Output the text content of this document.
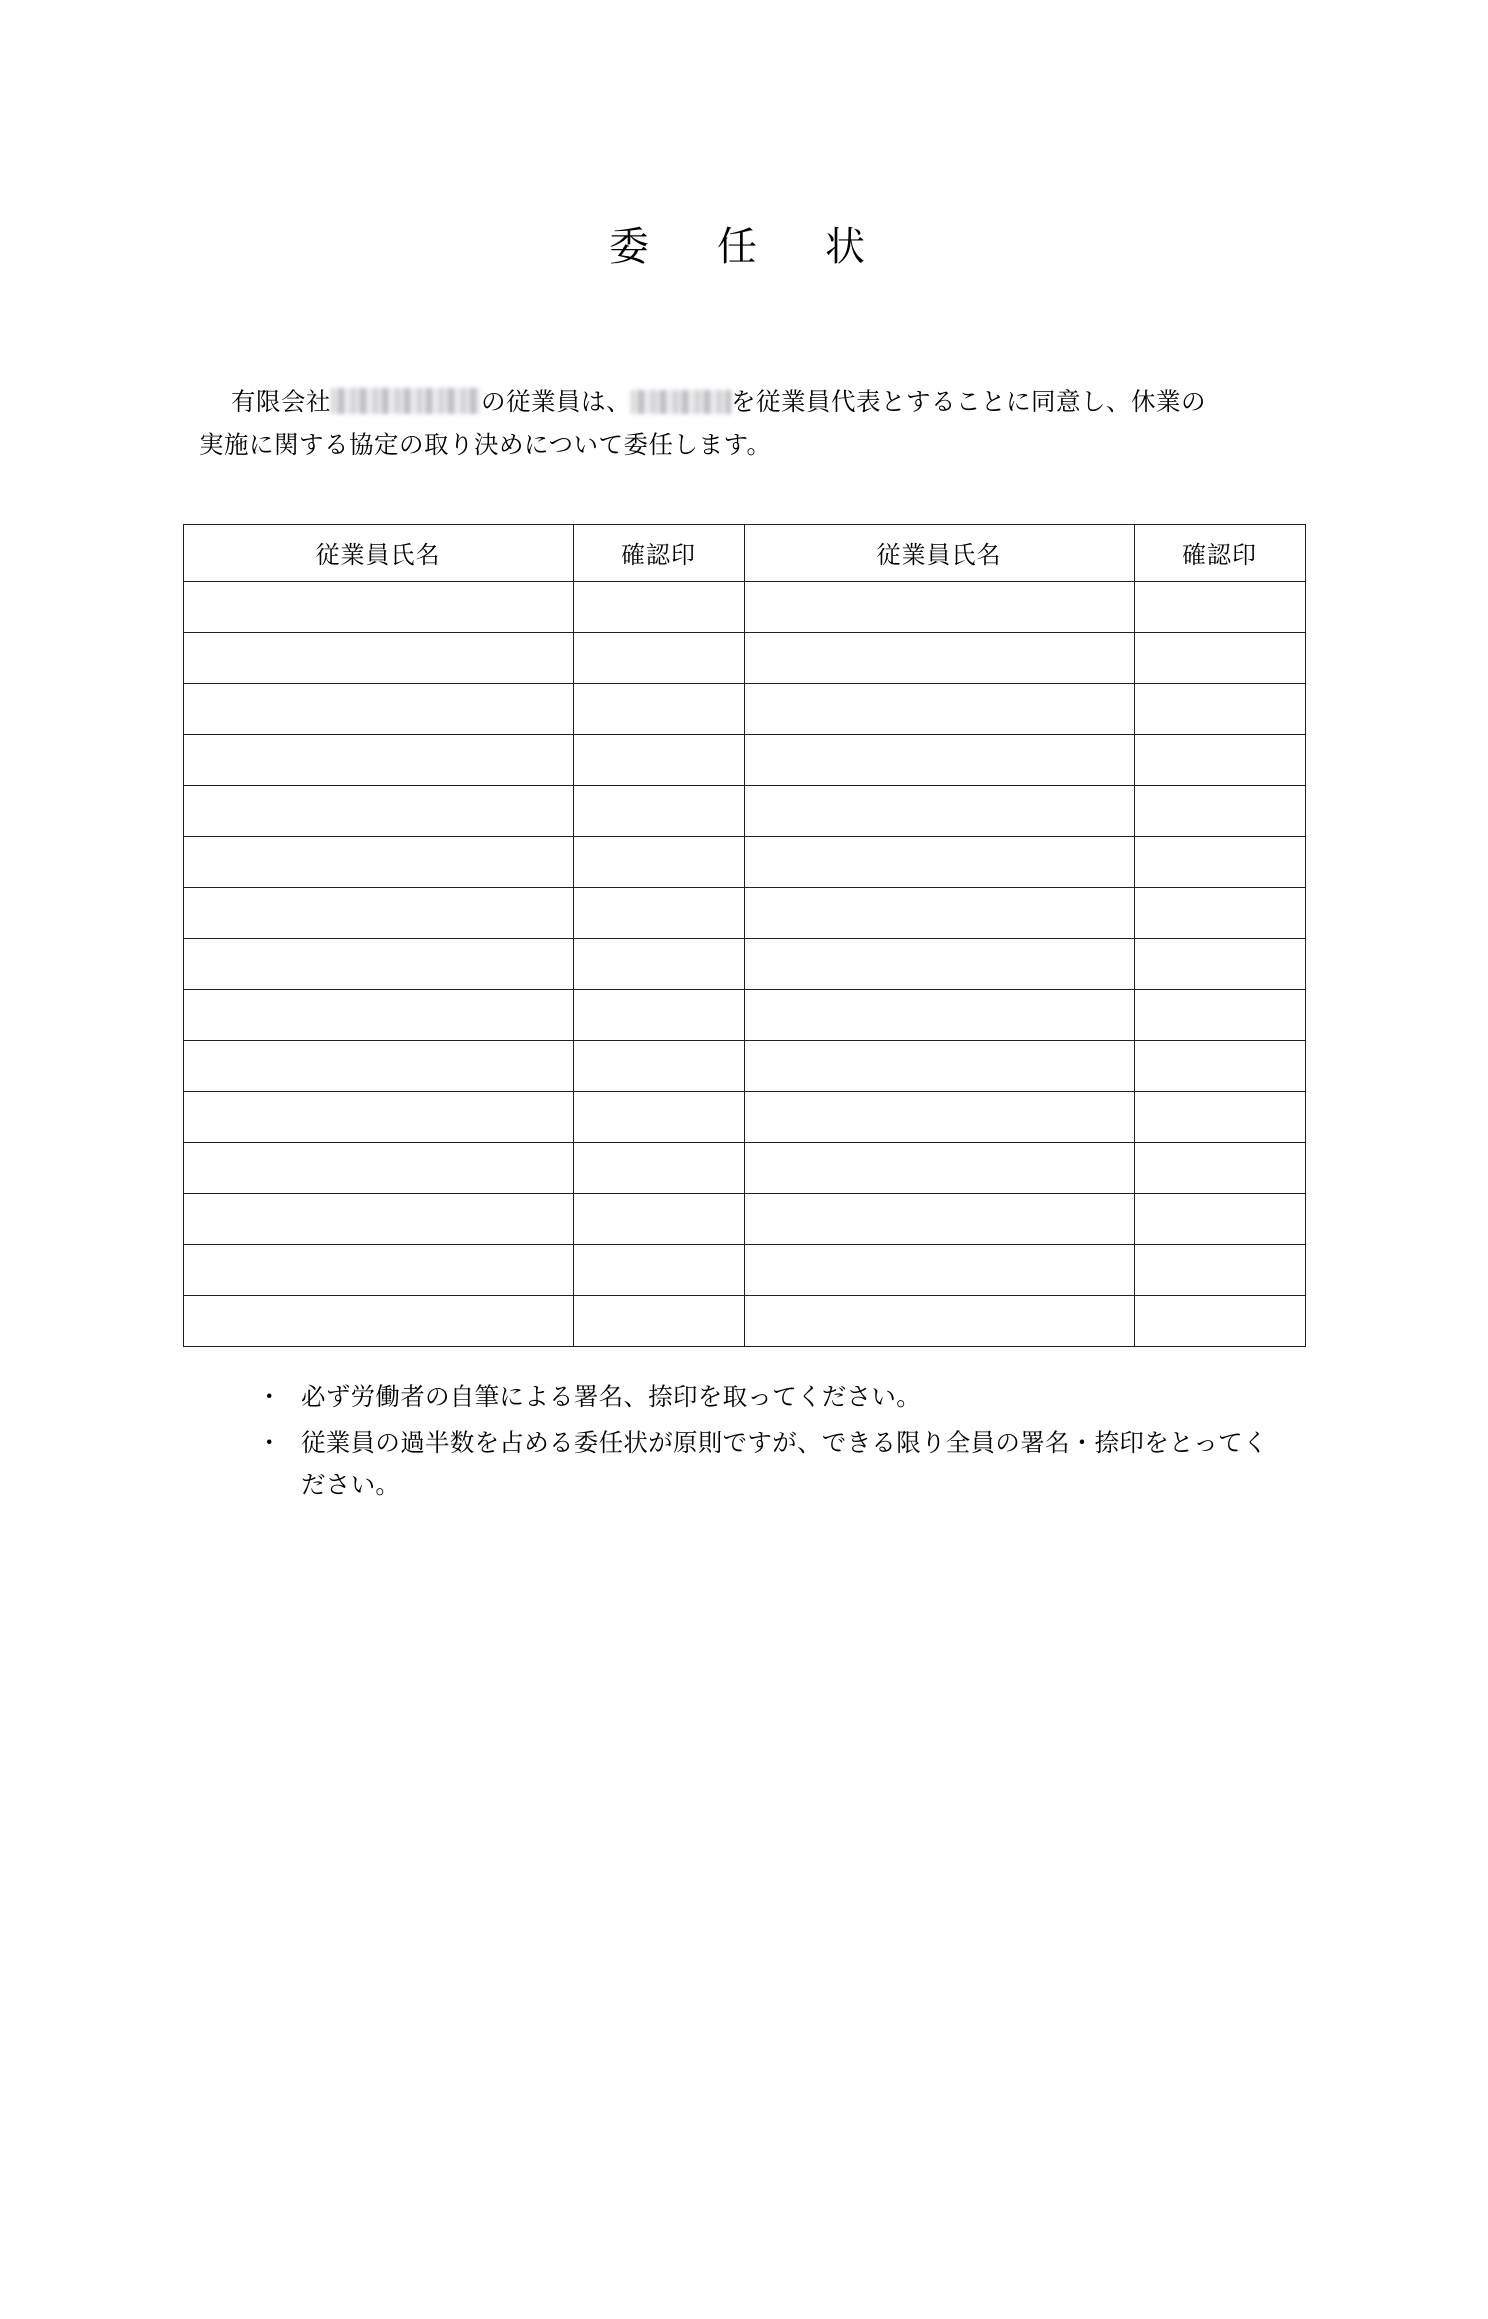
委　任　状
有限会社	の従業員は、	を従業員代表とすることに同意し、休業の
実施に関する協定の取り決めについて委任します。
従業員氏名	確認印	従業員氏名	確認印

・ 必ず労働者の自筆による署名、捺印を取ってください。
・ 従業員の過半数を占める委任状が原則ですが、できる限り全員の署名・捺印をとってください。
